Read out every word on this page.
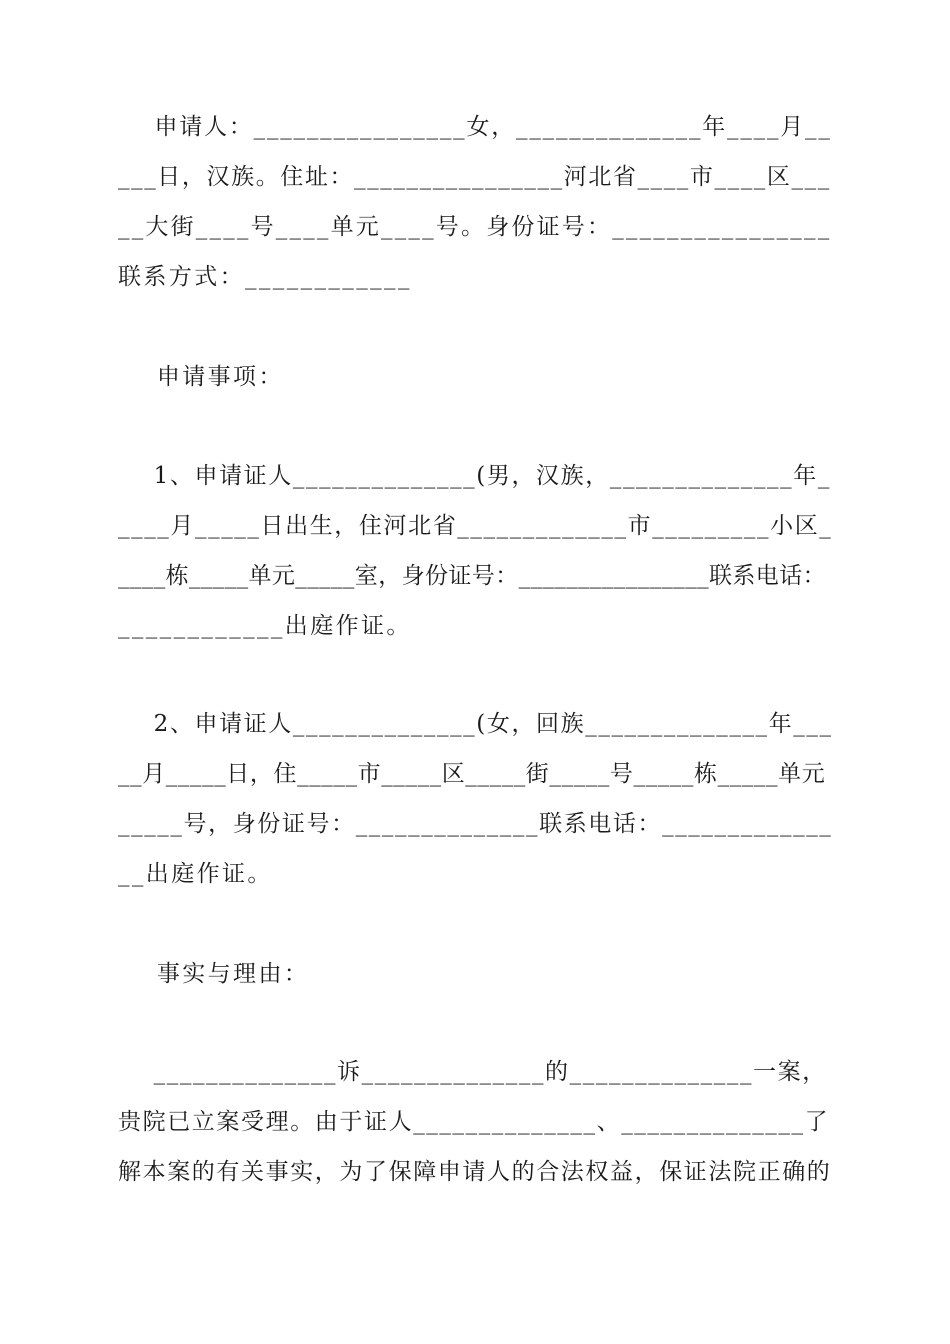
申请人：________________女，______________年____月__
___日，汉族。住址：________________河北省____市____区___
__大街____号____单元____号。身份证号：________________
联系方式：____________
申请事项：
1、申请证人______________(男，汉族，______________年_
____月_____日出生，住河北省_____________市_________小区_
____栋_____单元_____室，身份证号：________________联系电话：
____________出庭作证。
2、申请证人______________(女，回族______________年___
__月_____日，住_____市_____区_____街_____号_____栋_____单元
_____号，身份证号：______________联系电话：_____________
__出庭作证。
事实与理由：
______________诉______________的______________一案，
贵院已立案受理。由于证人______________、______________了
解本案的有关事实，为了保障申请人的合法权益，保证法院正确的
